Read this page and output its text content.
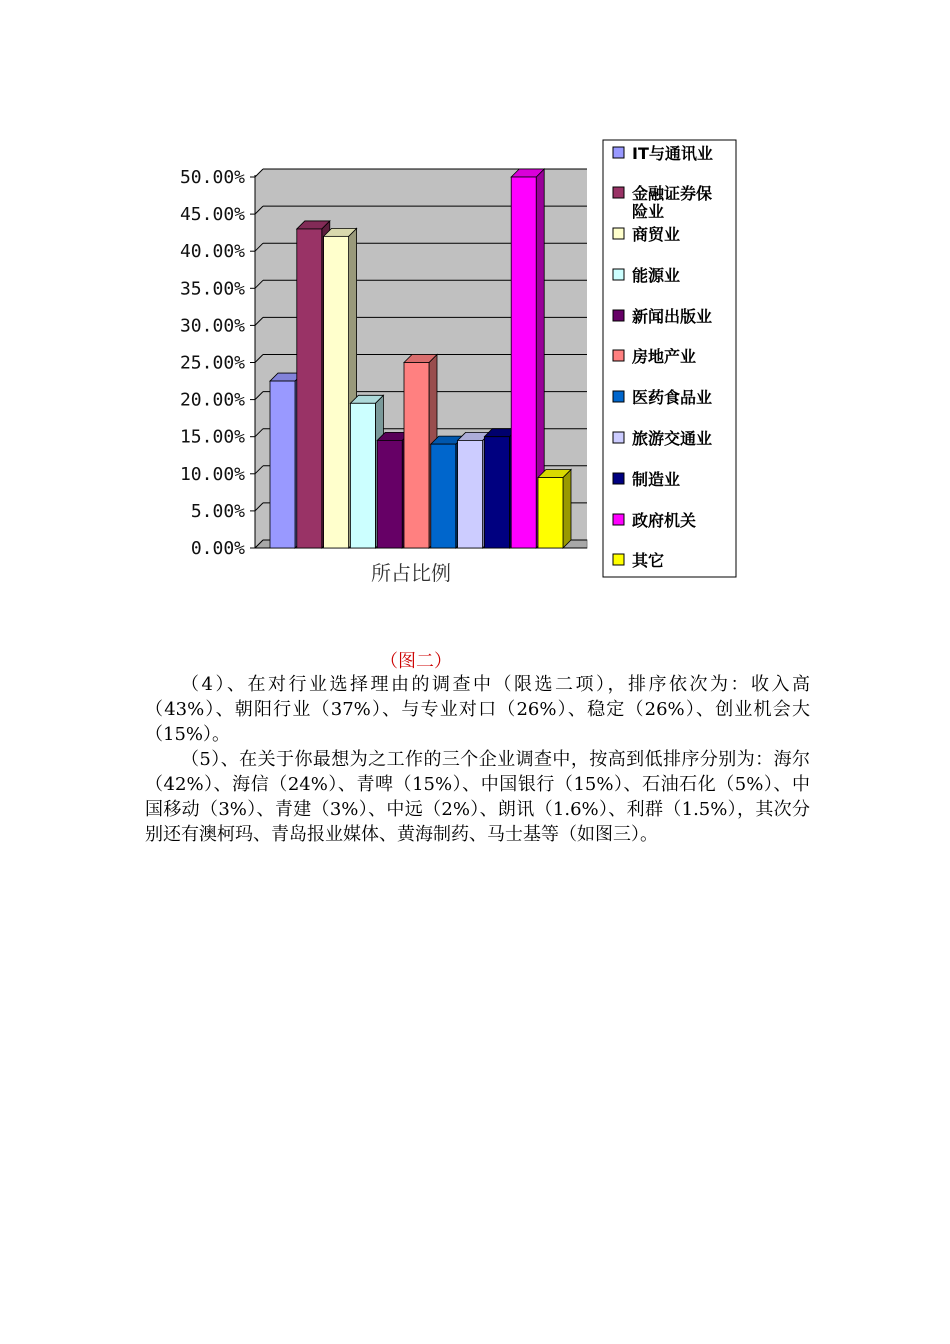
0.00%
5.00%
10.00%
15.00%
20.00%
25.00%
30.00%
35.00%
40.00%
45.00%
50.00%
所占比例
IT与通讯业
金融证券保
险业
商贸业
能源业
新闻出版业
房地产业
医药食品业
旅游交通业
制造业
政府机关
其它
（图二）

（4）、在对行业选择理由的调查中（限选二项），排序依次为：收入高（43%）、朝阳行业（37%）、与专业对口（26%）、稳定（26%）、创业机会大（15%）。

（5）、在关于你最想为之工作的三个企业调查中，按高到低排序分别为：海尔（42%）、海信（24%）、青啤（15%）、中国银行（15%）、石油石化（5%）、中国移动（3%）、青建（3%）、中远（2%）、朗讯（1.6%）、利群（1.5%），其次分别还有澳柯玛、青岛报业媒体、黄海制药、马士基等（如图三）。
